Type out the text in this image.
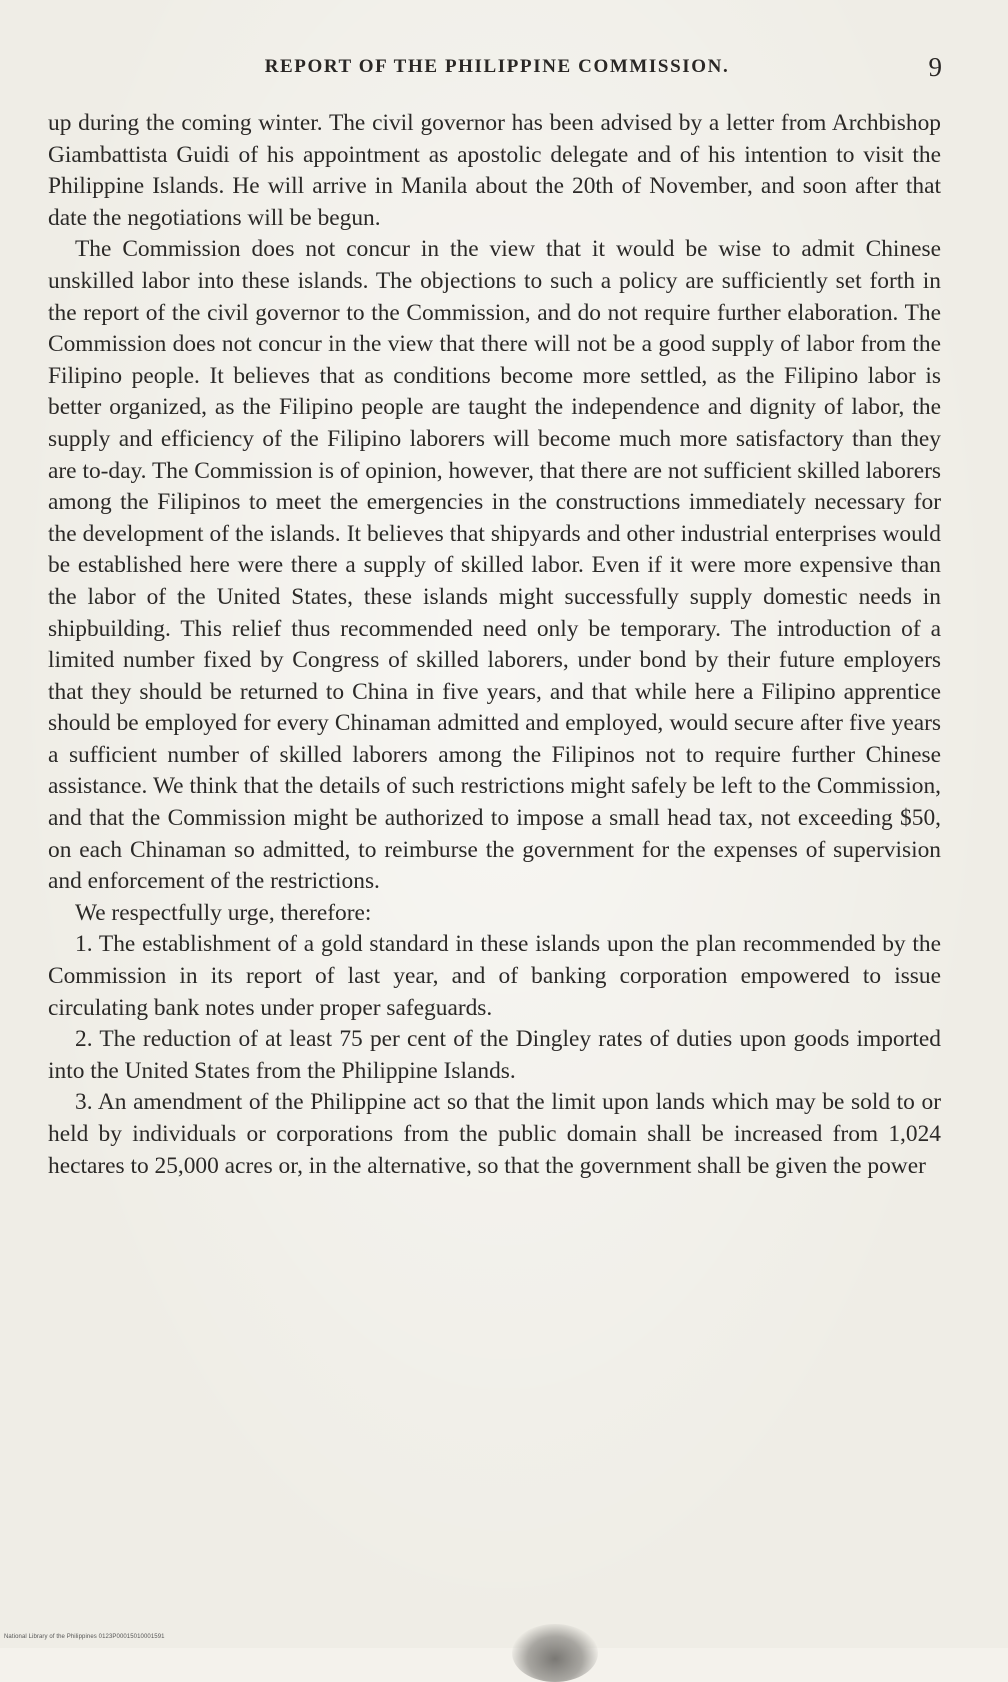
REPORT OF THE PHILIPPINE COMMISSION.	9

up during the coming winter. The civil governor has been advised by a letter from Archbishop Giambattista Guidi of his appointment as apostolic delegate and of his intention to visit the Philippine Islands. He will arrive in Manila about the 20th of November, and soon after that date the negotiations will be begun.

The Commission does not concur in the view that it would be wise to admit Chinese unskilled labor into these islands. The objections to such a policy are sufficiently set forth in the report of the civil governor to the Commission, and do not require further elaboration. The Commission does not concur in the view that there will not be a good supply of labor from the Filipino people. It believes that as conditions become more settled, as the Filipino labor is better organized, as the Filipino people are taught the independence and dignity of labor, the supply and efficiency of the Filipino laborers will become much more satisfactory than they are to-day. The Commission is of opinion, however, that there are not sufficient skilled laborers among the Filipinos to meet the emergencies in the constructions immediately necessary for the development of the islands. It believes that shipyards and other industrial enterprises would be established here were there a supply of skilled labor. Even if it were more expensive than the labor of the United States, these islands might successfully supply domestic needs in shipbuilding. This relief thus recommended need only be temporary. The introduction of a limited number fixed by Congress of skilled laborers, under bond by their future employers that they should be returned to China in five years, and that while here a Filipino apprentice should be employed for every Chinaman admitted and employed, would secure after five years a sufficient number of skilled laborers among the Filipinos not to require further Chinese assistance. We think that the details of such restrictions might safely be left to the Commission, and that the Commission might be authorized to impose a small head tax, not exceeding $50, on each Chinaman so admitted, to reimburse the government for the expenses of supervision and enforcement of the restrictions.

We respectfully urge, therefore:

1. The establishment of a gold standard in these islands upon the plan recommended by the Commission in its report of last year, and of banking corporation empowered to issue circulating bank notes under proper safeguards.

2. The reduction of at least 75 per cent of the Dingley rates of duties upon goods imported into the United States from the Philippine Islands.

3. An amendment of the Philippine act so that the limit upon lands which may be sold to or held by individuals or corporations from the public domain shall be increased from 1,024 hectares to 25,000 acres or, in the alternative, so that the government shall be given the power

National Library of the Philippines 0123P00015010001591
